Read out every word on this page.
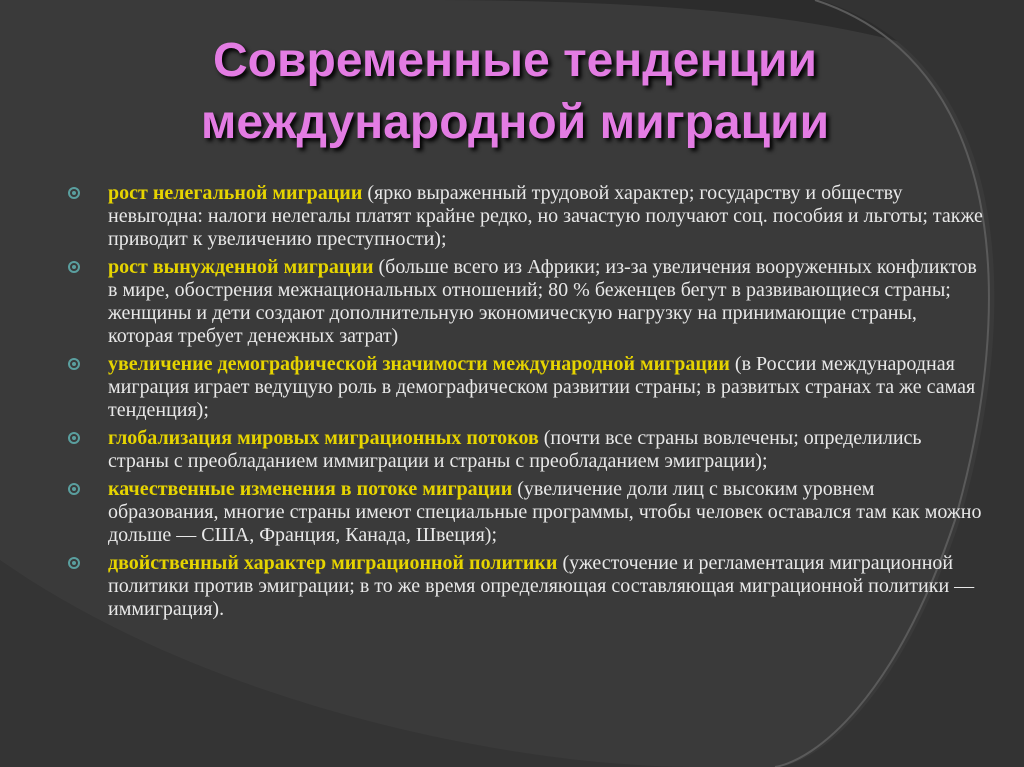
Современные тенденции
международной миграции
рост нелегальной миграции (ярко выраженный трудовой характер; государству и обществу невыгодна: налоги нелегалы платят крайне редко, но зачастую получают соц. пособия и льготы; также приводит к увеличению преступности);
рост вынужденной миграции (больше всего из Африки; из-за увеличения вооруженных конфликтов в мире, обострения межнациональных отношений; 80 % беженцев бегут в развивающиеся страны; женщины и дети создают дополнительную экономическую нагрузку на принимающие страны, которая требует денежных затрат)
увеличение демографической значимости международной миграции (в России международная миграция играет ведущую роль в демографическом развитии страны; в развитых странах та же самая тенденция);
глобализация мировых миграционных потоков (почти все страны вовлечены; определились страны с преобладанием иммиграции и страны с преобладанием эмиграции);
качественные изменения в потоке миграции (увеличение доли лиц с высоким уровнем образования, многие страны имеют специальные программы, чтобы человек оставался там как можно дольше — США, Франция, Канада, Швеция);
двойственный характер миграционной политики (ужесточение и регламентация миграционной политики против эмиграции; в то же время определяющая составляющая миграционной политики — иммиграция).
